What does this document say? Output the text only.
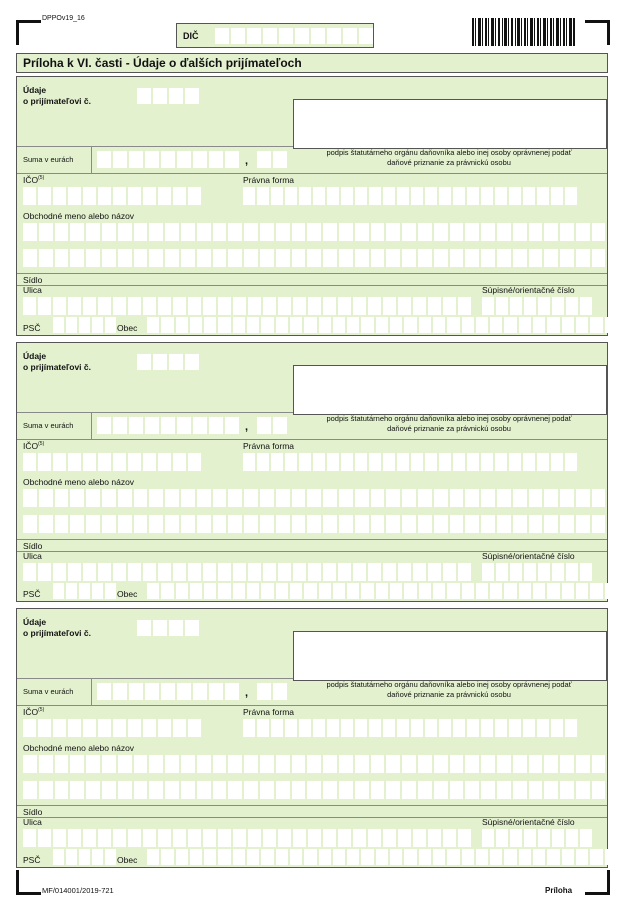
DPPOv19_16
DIČ
Príloha k VI. časti - Údaje o ďalších prijímateľoch
Údaje
o prijímateľovi č.
podpis štatutárneho orgánu daňovníka alebo inej osoby oprávnenej podať
daňové priznanie za právnickú osobu
Suma v eurách	,
IČO$^{(5)}$	Právna forma
Obchodné meno alebo názov
Sídlo
Ulica	Súpisné/orientačné číslo
PSČ	Obec
Údaje
o prijímateľovi č.
podpis štatutárneho orgánu daňovníka alebo inej osoby oprávnenej podať
daňové priznanie za právnickú osobu
Suma v eurách	,
IČO$^{(5)}$	Právna forma
Obchodné meno alebo názov
Sídlo
Ulica	Súpisné/orientačné číslo
PSČ	Obec
Údaje
o prijímateľovi č.
podpis štatutárneho orgánu daňovníka alebo inej osoby oprávnenej podať
daňové priznanie za právnickú osobu
Suma v eurách	,
IČO$^{(5)}$	Právna forma
Obchodné meno alebo názov
Sídlo
Ulica	Súpisné/orientačné číslo
PSČ	Obec
MF/014001/2019-721	Príloha
